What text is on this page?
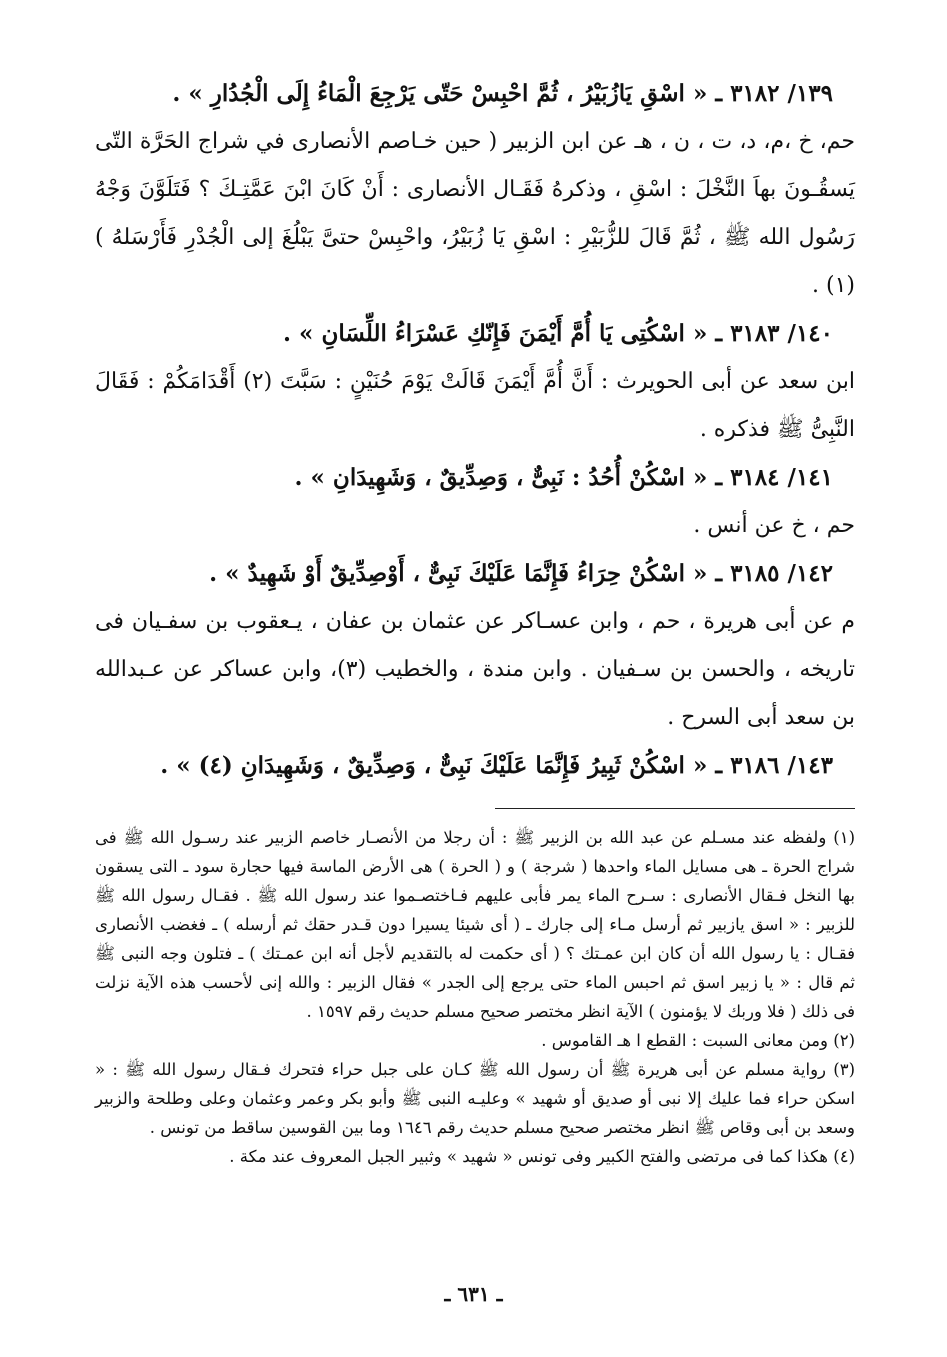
١٣٩/ ٣١٨٢ ـ « اسْقِ يَازُبَيْرُ ، ثُمَّ احْبِسْ حَتّى يَرْجِعَ الْمَاءُ إِلَى الْجُدُارِ » .

حم، خ ،م، د، ت ، ن ، هـ عن ابن الزبير ( حين خـاصم الأنصارى في شراج الحَرَّة التّى يَسقُـونَ بهاَ النَّخْلَ : اسْقِ ، وذكرهُ فَقَـال الأنصارى : أَنْ كَانَ ابْنَ عَمَّتِـكَ ؟ فَتَلَوَّنَ وَجْهُ رَسُول الله ﷺ ، ثُمَّ قَالَ للزُّبَيْرِ : اسْقِ يَا زُبَيْرُ، واحْبِسْ حتىَّ يَبْلُغَ إلى الْجُدْرِ فَأَرْسَلهُ ) (١) .

١٤٠/ ٣١٨٣ ـ « اسْكُتِى يَا أُمَّ أَيْمَنَ فَإِنّكِ عَسْرَاءُ اللِّسَانِ » .

ابن سعد عن أبى الحويرث : أَنَّ أُمَّ أَيْمَنَ قَالَتْ يَوْمَ حُنَيْنٍ : سَبَّتَ (٢) أَقْدَامَكُمْ : فَقَالَ النَّبِىُّ ﷺ فذكره .

١٤١/ ٣١٨٤ ـ « اسْكُنْ أُحُدُ : نَبِىٌّ ، وَصِدِّيقٌ ، وَشَهِيدَانِ » .

حم ، خ عن أنس .

١٤٢/ ٣١٨٥ ـ « اسْكُنْ حِرَاءُ فَإِنَّمَا عَلَيْكَ نَبِىٌّ ، أَوْصِدِّيقٌ أَوْ شَهِيدٌ » .

م عن أبى هريرة ، حم ، وابن عسـاكر عن عثمان بن عفان ، يـعقوب بن سفـيان فى تاريخه ، والحسن بن سـفيان . وابن مندة ، والخطيب (٣)، وابن عساكر عن عـبدالله بن سعد أبى السرح .

١٤٣/ ٣١٨٦ ـ « اسْكُنْ ثَبِيرُ فَإِنَّمَا عَلَيْكَ نَبِىٌّ ، وَصِدِّيقٌ ، وَشَهِيدَانِ (٤) » .

(١) ولفظه عند مسـلم عن عبد الله بن الزبير ﷺ : أن رجلا من الأنصـار خاصم الزبير عند رسـول الله ﷺ فى شراج الحرة ـ هى مسايل الماء واحدها ( شرجة ) و ( الحرة ) هى الأرض الماسة فيها حجارة سود ـ التى يسقون بها النخل فـقال الأنصارى : سـرح الماء يمر فأبى عليهم فـاختصـموا عند رسول الله ﷺ . فقـال رسول الله ﷺ للزبير : « اسق يازبير ثم أرسل مـاء إلى جارك ـ ( أى شيئا يسيرا دون قـدر حقك ثم أرسله ) ـ فغضب الأنصارى فقـال : يا رسول الله أن كان ابن عمـتك ؟ ( أى حكمت له بالتقديم لأجل أنه ابن عمـتك ) ـ فتلون وجه النبى ﷺ ثم قال : « يا زبير اسق ثم احبس الماء حتى يرجع إلى الجدر » فقال الزبير : والله إنى لأحسب هذه الآية نزلت فى ذلك ( فلا وربك لا يؤمنون ) الآية انظر مختصر صحيح مسلم حديث رقم ١٥٩٧ .

(٢) ومن معانى السبت : القطع ا هـ القاموس .

(٣) رواية مسلم عن أبى هريرة ﷺ أن رسول الله ﷺ كـان على جبل حراء فتحرك فـقال رسول الله ﷺ : « اسكن حراء فما عليك إلا نبى أو صديق أو شهيد » وعليـه النبى ﷺ وأبو بكر وعمر وعثمان وعلى وطلحة والزبير وسعد بن أبى وقاص ﷺ انظر مختصر صحيح مسلم حديث رقم ١٦٤٦ وما بين القوسين ساقط من تونس .

(٤) هكذا كما فى مرتضى والفتح الكبير وفى تونس « شهيد » وثبير الجبل المعروف عند مكة .

ـ ٦٣١ ـ
